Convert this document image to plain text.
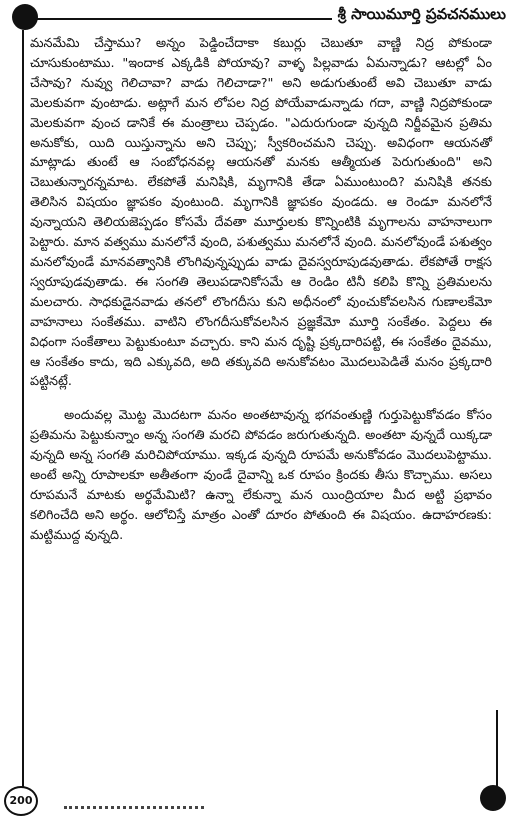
శ్రీ సాయిమూర్తి ప్రవచనములు

మనమేమి చేస్తాము? అన్నం పెడ్డించేదాకా కబుర్లు చెబుతూ వాణ్ణి నిద్ర పోకుండా చూసుకుంటాము. "ఇందాక ఎక్కడికి పోయావు? వాళ్ళ పిల్లవాడు ఏమన్నాడు? ఆటల్లో ఏం చేసావు? నువ్వు గెలిచావా? వాడు గెలిచాడా?" అని అడుగుతుంటే అవి చెబుతూ వాడు మెలకువగా వుంటాడు. అట్లాగే మన లోపల నిద్ర పోయేవాడున్నాడు గదా, వాణ్ణి నిద్రపోకుండా మెలకువగా వుంచ డానికే ఈ మంత్రాలు చెప్పడం. "ఎదురుగుండా వున్నది నిర్జీవమైన ప్రతిమ అనుకోకు, యిది యిస్తున్నాను అని చెప్పు; స్వీకరించమని చెప్పు. అవిధంగా ఆయనతో మాట్లాడు తుంటే ఆ సంబోధనవల్ల ఆయనతో మనకు ఆత్మీయత పెరుగుతుంది" అని చెబుతున్నారన్నమాట. లేకపోతే మనిషికి, మృగానికి తేడా ఏముంటుంది? మనిషికి తనకు తెలిసిన విషయం జ్ఞాపకం వుంటుంది. మృగానికి జ్ఞాపకం వుండదు. ఆ రెండూ మనలోనే వున్నాయని తెలియజెప్పడం కోసమే దేవతా మూర్తులకు కొన్నింటికి మృగాలను వాహనాలుగా పెట్టారు. మాన వత్వము మనలోనే వుంది, పశుత్వము మనలోనే వుంది. మనలోవుండే పశుత్వం మనలోవుండే మానవత్వానికి లొంగివున్నప్పుడు వాడు దైవస్వరూపుడవుతాడు. లేకపోతే రాక్షస స్వరూపుడవుతాడు. ఈ సంగతి తెలుపడానికోసమే ఆ రెండిం టినీ కలిపి కొన్ని ప్రతిమలను మలచారు. సాధకుడైనవాడు తనలో లొంగదీసు కుని అధీనంలో వుంచుకోవలసిన గుణాలకేమో వాహనాలు సంకేతము. వాటిని లొంగదీసుకోవలసిన ప్రజ్ఞకేమో మూర్తి సంకేతం. పెద్దలు ఈ విధంగా సంకేతాలు పెట్టుకుంటూ వచ్చారు. కాని మన దృష్టి ప్రక్కదారిపట్టి, ఈ సంకేతం దైవము, ఆ సంకేతం కాదు, ఇది ఎక్కువది, అది తక్కువది అనుకోవటం మొదలుపెడితే మనం ప్రక్కదారి పట్టినట్లే.

అందువల్ల మొట్ట మొదటగా మనం అంతటావున్న భగవంతుణ్ణి గుర్తుపెట్టుకోవడం కోసం ప్రతిమను పెట్టుకున్నాం అన్న సంగతి మరచి పోవడం జరుగుతున్నది. అంతటా వున్నదే యిక్కడా వున్నది అన్న సంగతి మరిచిపోయాము. ఇక్కడ వున్నది రూపమే అనుకోవడం మొదలుపెట్టాము. అంటే అన్ని రూపాలకూ అతీతంగా వుండే దైవాన్ని ఒక రూపం క్రిందకు తీసు కొచ్చాము. అసలు రూపమనే మాటకు అర్థమేమిటి? ఉన్నా లేకున్నా మన యింద్రియాల మీద అట్టి ప్రభావం కలిగించేది అని అర్థం. ఆలోచిస్తే మాత్రం ఎంతో దూరం పోతుంది ఈ విషయం. ఉదాహరణకు: మట్టిముద్ద వున్నది.

200
